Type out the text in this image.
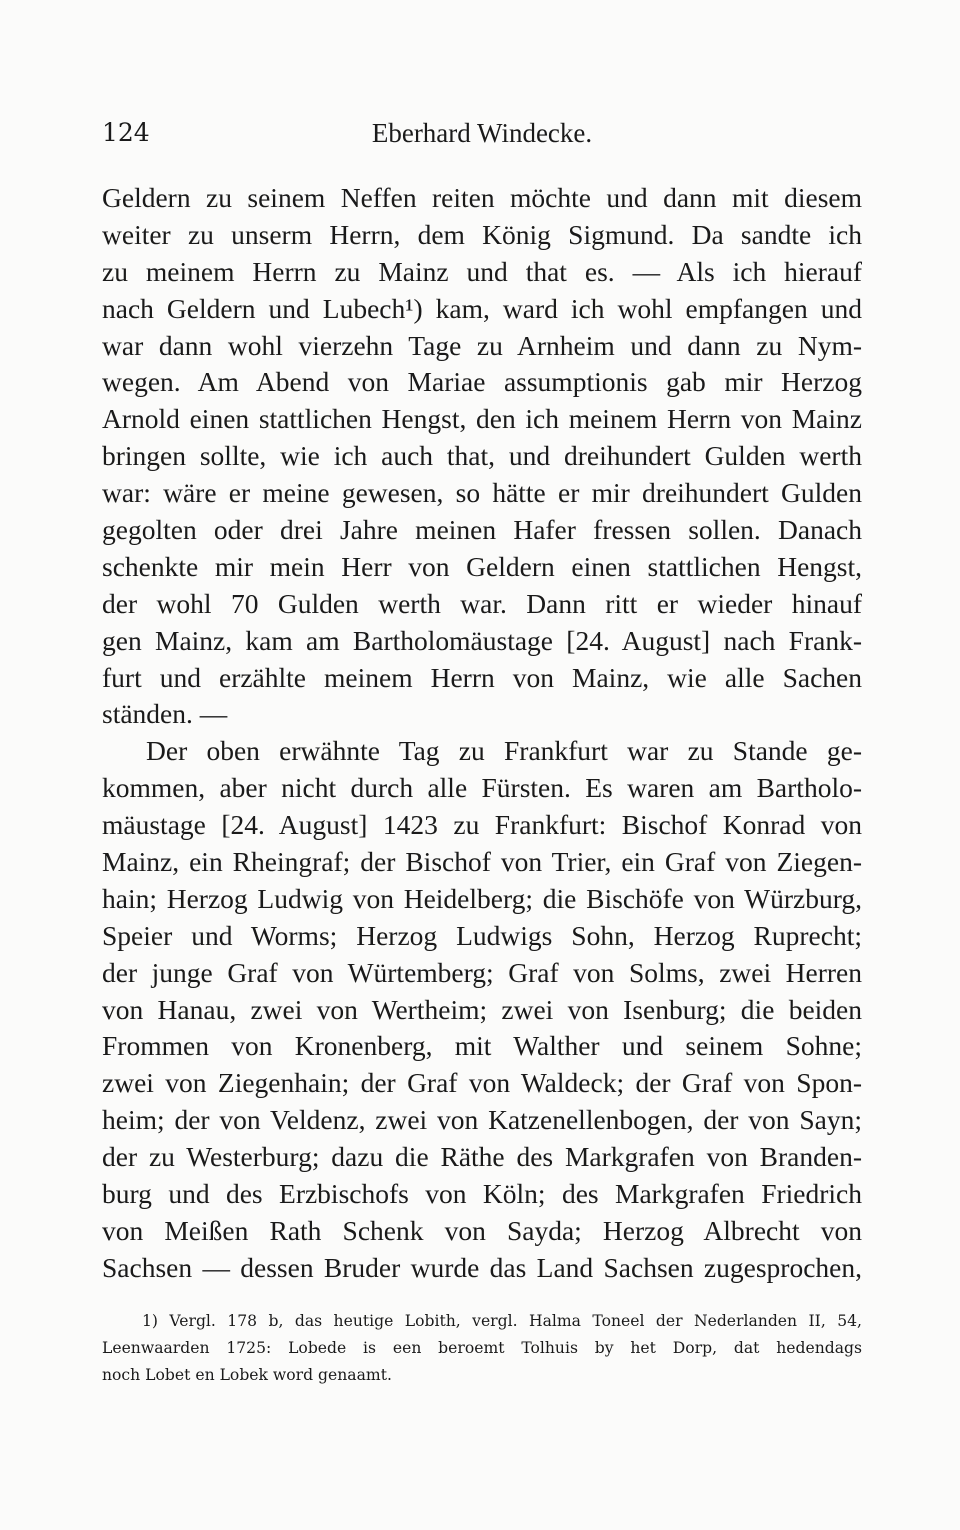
124	Eberhard Windecke.
Geldern zu seinem Neffen reiten möchte und dann mit diesem
weiter zu unserm Herrn, dem König Sigmund. Da sandte ich
zu meinem Herrn zu Mainz und that es. — Als ich hierauf
nach Geldern und Lubech¹) kam, ward ich wohl empfangen und
war dann wohl vierzehn Tage zu Arnheim und dann zu Nym-
wegen. Am Abend von Mariae assumptionis gab mir Herzog
Arnold einen stattlichen Hengst, den ich meinem Herrn von Mainz
bringen sollte, wie ich auch that, und dreihundert Gulden werth
war: wäre er meine gewesen, so hätte er mir dreihundert Gulden
gegolten oder drei Jahre meinen Hafer fressen sollen. Danach
schenkte mir mein Herr von Geldern einen stattlichen Hengst,
der wohl 70 Gulden werth war. Dann ritt er wieder hinauf
gen Mainz, kam am Bartholomäustage [24. August] nach Frank-
furt und erzählte meinem Herrn von Mainz, wie alle Sachen
ständen. —
Der oben erwähnte Tag zu Frankfurt war zu Stande ge-
kommen, aber nicht durch alle Fürsten. Es waren am Bartholo-
mäustage [24. August] 1423 zu Frankfurt: Bischof Konrad von
Mainz, ein Rheingraf; der Bischof von Trier, ein Graf von Ziegen-
hain; Herzog Ludwig von Heidelberg; die Bischöfe von Würzburg,
Speier und Worms; Herzog Ludwigs Sohn, Herzog Ruprecht;
der junge Graf von Würtemberg; Graf von Solms, zwei Herren
von Hanau, zwei von Wertheim; zwei von Isenburg; die beiden
Frommen von Kronenberg, mit Walther und seinem Sohne;
zwei von Ziegenhain; der Graf von Waldeck; der Graf von Spon-
heim; der von Veldenz, zwei von Katzenellenbogen, der von Sayn;
der zu Westerburg; dazu die Räthe des Markgrafen von Branden-
burg und des Erzbischofs von Köln; des Markgrafen Friedrich
von Meißen Rath Schenk von Sayda; Herzog Albrecht von
Sachsen — dessen Bruder wurde das Land Sachsen zugesprochen,
1) Vergl. 178 b, das heutige Lobith, vergl. Halma Toneel der Nederlanden II, 54,
Leenwaarden 1725: Lobede is een beroemt Tolhuis by het Dorp, dat hedendags
noch Lobet en Lobek word genaamt.
